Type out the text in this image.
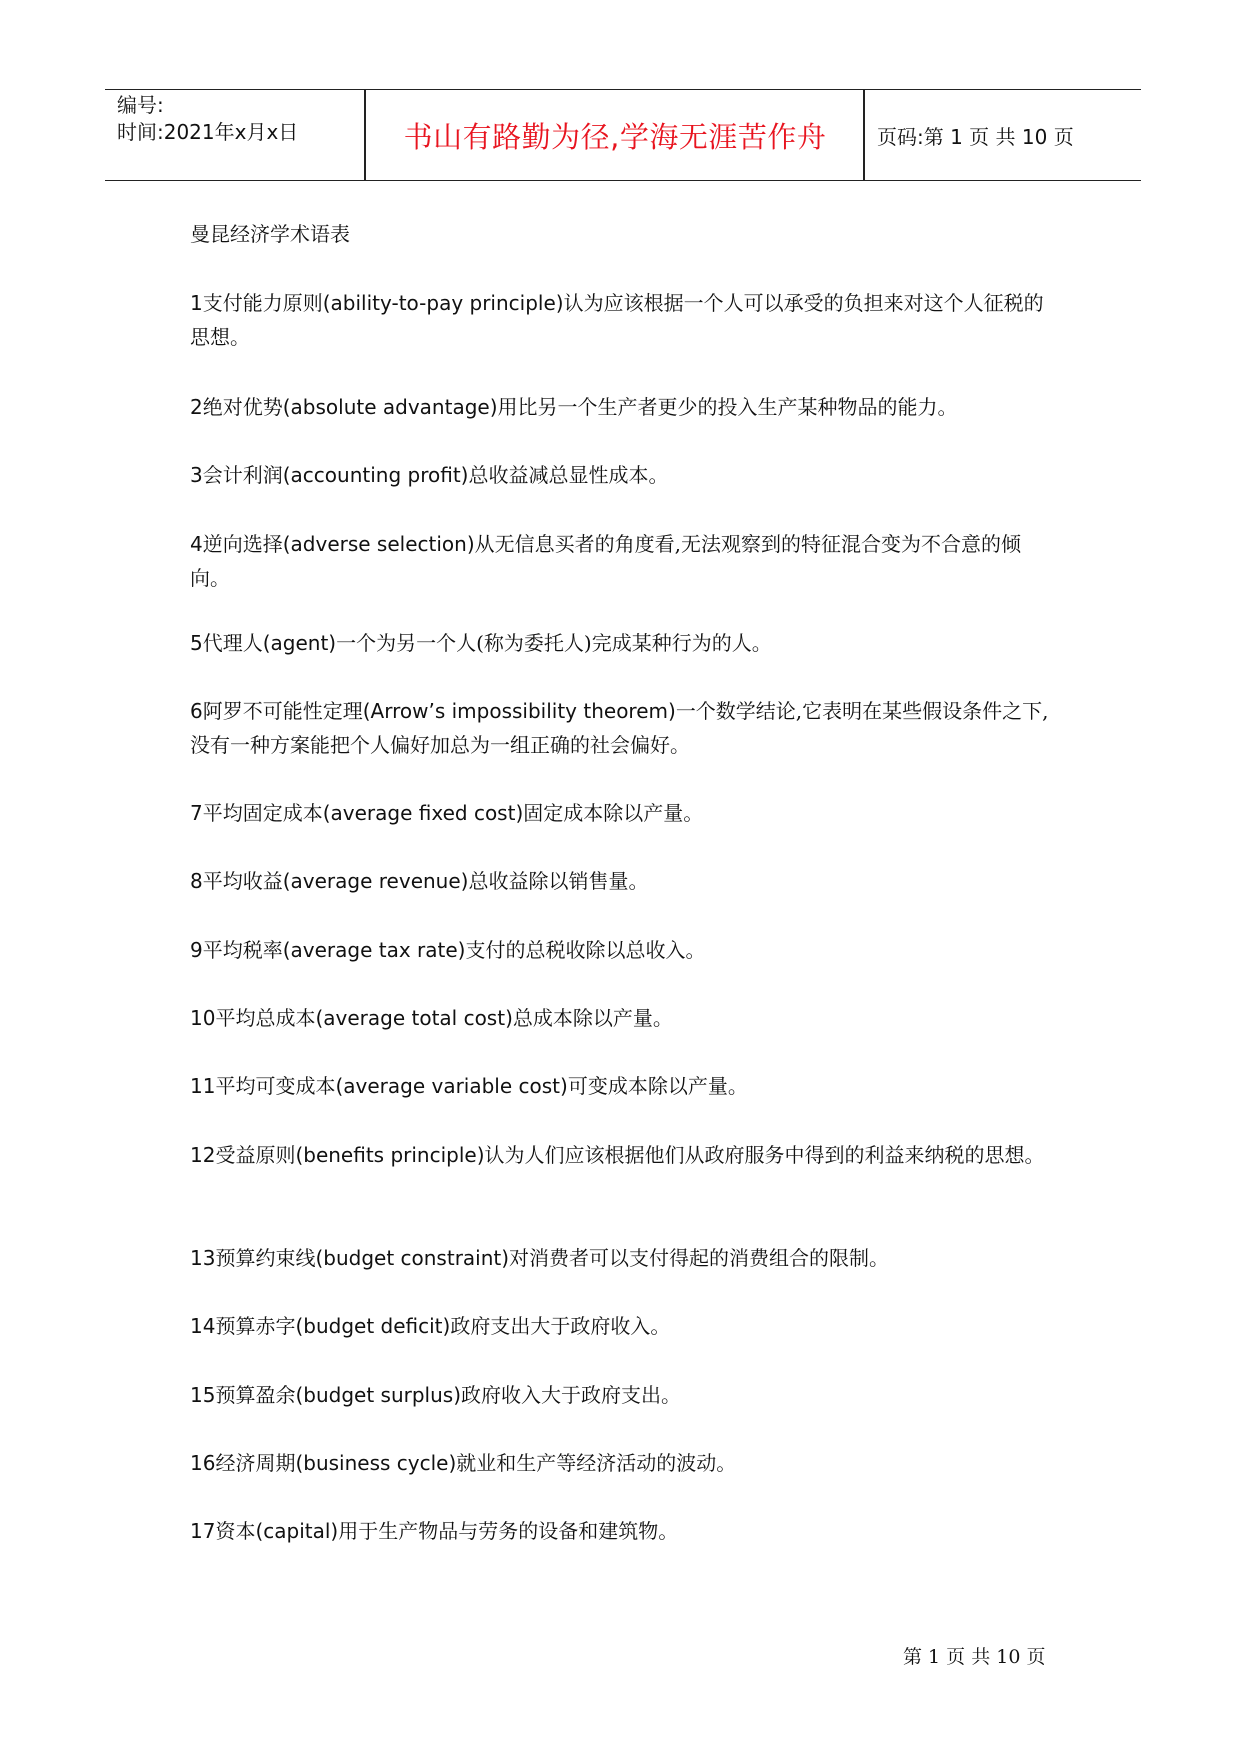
编号:
时间:2021年x月x日	书山有路勤为径,学海无涯苦作舟	页码:第 1 页 共 10 页
曼昆经济学术语表
1支付能力原则(ability-to-pay principle)认为应该根据一个人可以承受的负担来对这个人征税的思想。
2绝对优势(absolute advantage)用比另一个生产者更少的投入生产某种物品的能力。
3会计利润(accounting profit)总收益减总显性成本。
4逆向选择(adverse selection)从无信息买者的角度看,无法观察到的特征混合变为不合意的倾向。
5代理人(agent)一个为另一个人(称为委托人)完成某种行为的人。
6阿罗不可能性定理(Arrow’s impossibility theorem)一个数学结论,它表明在某些假设条件之下,没有一种方案能把个人偏好加总为一组正确的社会偏好。
7平均固定成本(average fixed cost)固定成本除以产量。
8平均收益(average revenue)总收益除以销售量。
9平均税率(average tax rate)支付的总税收除以总收入。
10平均总成本(average total cost)总成本除以产量。
11平均可变成本(average variable cost)可变成本除以产量。
12受益原则(benefits principle)认为人们应该根据他们从政府服务中得到的利益来纳税的思想。
13预算约束线(budget constraint)对消费者可以支付得起的消费组合的限制。
14预算赤字(budget deficit)政府支出大于政府收入。
15预算盈余(budget surplus)政府收入大于政府支出。
16经济周期(business cycle)就业和生产等经济活动的波动。
17资本(capital)用于生产物品与劳务的设备和建筑物。
第 1 页 共 10 页
